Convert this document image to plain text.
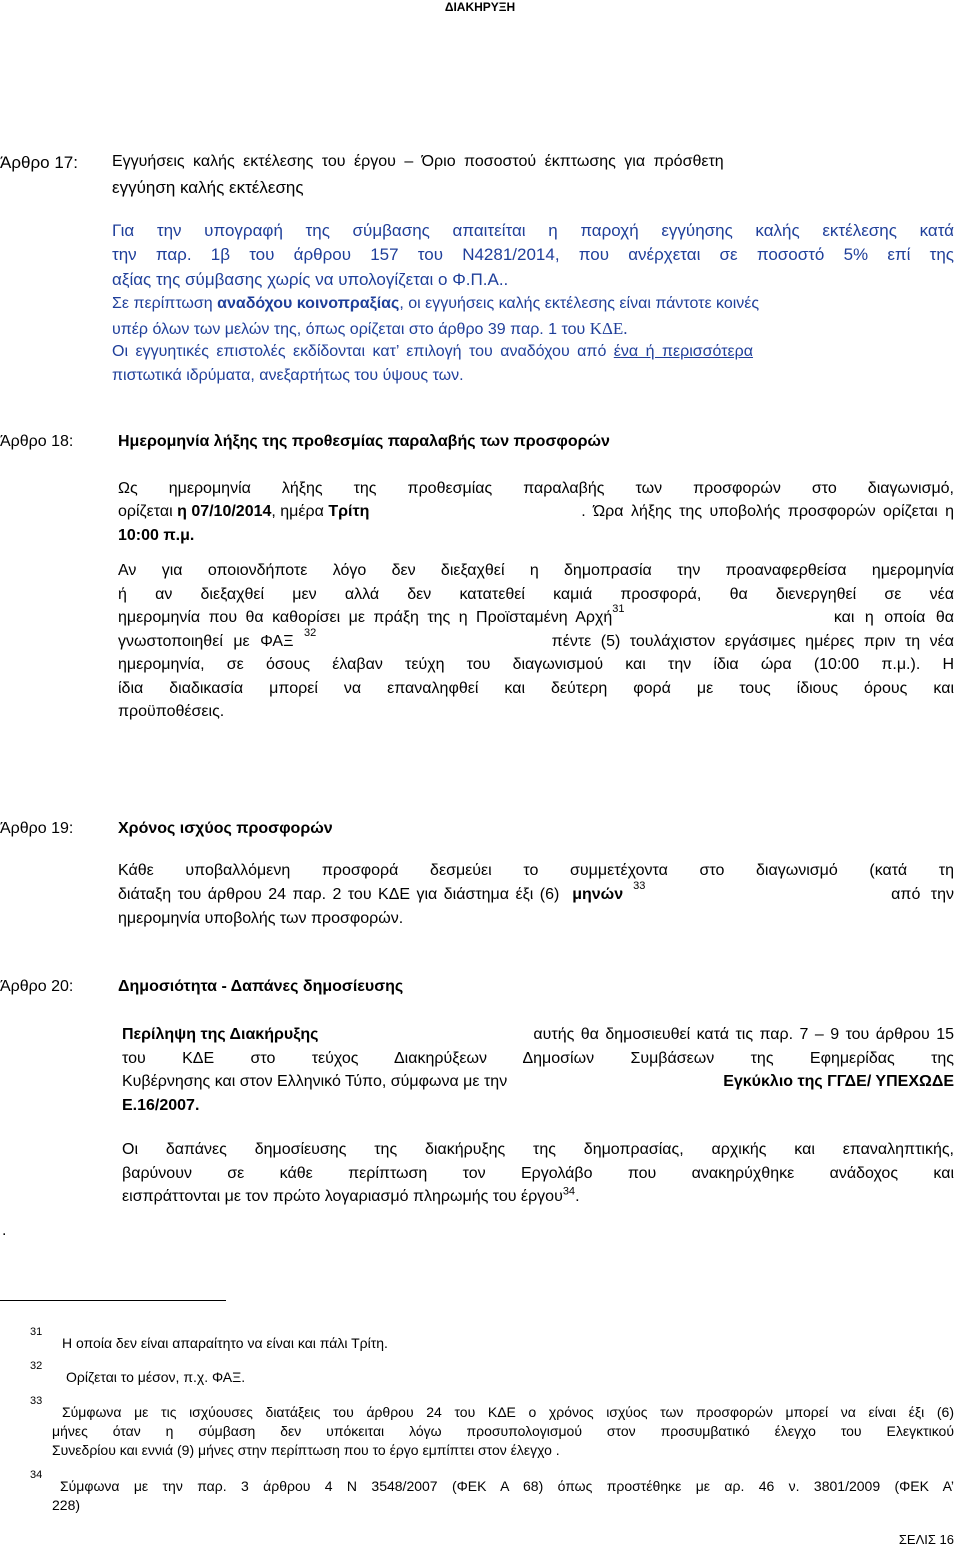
ΔΙΑΚΗΡΥΞΗ
Άρθρο 17: Εγγυήσεις καλής εκτέλεσης του έργου – Όριο ποσοστού έκπτωσης για πρόσθετη
εγγύηση καλής εκτέλεσης
Για την υπογραφή της σύμβασης απαιτείται η παροχή εγγύησης καλής εκτέλεσης κατά
την παρ. 1β του άρθρου 157 του Ν4281/2014, που ανέρχεται σε ποσοστό 5% επί της
αξίας της σύμβασης χωρίς να υπολογίζεται ο Φ.Π.Α..
Σε περίπτωση αναδόχου κοινοπραξίας, οι εγγυήσεις καλής εκτέλεσης είναι πάντοτε κοινές
υπέρ όλων των μελών της, όπως ορίζεται στο άρθρο 39 παρ. 1 του ΚΔΕ.
Οι εγγυητικές επιστολές εκδίδονται κατ’ επιλογή του αναδόχου από ένα ή περισσότερα
πιστωτικά ιδρύματα, ανεξαρτήτως του ύψους των.
Άρθρο 18:	Ημερομηνία λήξης της προθεσμίας παραλαβής των προσφορών
Ως ημερομηνία λήξης της προθεσμίας παραλαβής των προσφορών στο διαγωνισμό,
ορίζεται η 07/10/2014 , ημέρα Τρίτη	. Ώρα λήξης της υποβολής προσφορών ορίζεται η
10:00 π.μ.
Αν για οποιονδήποτε λόγο δεν διεξαχθεί η δημοπρασία την προαναφερθείσα ημερομηνία
ή αν διεξαχθεί μεν αλλά δεν κατατεθεί καμιά προσφορά, θα διενεργηθεί σε νέα
ημερομηνία που θα καθορίσει με πράξη της η Προϊσταμένη Αρχή 31	και η οποία θα
γνωστοποιηθεί με ΦΑΞ 32	πέντε (5) τουλάχιστον εργάσιμες ημέρες πριν τη νέα
ημερομηνία, σε όσους έλαβαν τεύχη του διαγωνισμού και την ίδια ώρα (10:00 π.μ.). Η
ίδια διαδικασία μπορεί να επαναληφθεί και δεύτερη φορά με τους ίδιους όρους και
προϋποθέσεις.
Άρθρο 19:	Χρόνος ισχύος προσφορών
Κάθε υποβαλλόμενη προσφορά δεσμεύει το συμμετέχοντα στο διαγωνισμό (κατά τη
διάταξη του άρθρου 24 παρ. 2 του ΚΔΕ για διάστημα έξι (6) μηνών 33	από την
ημερομηνία υποβολής των προσφορών.
Άρθρο 20:	Δημοσιότητα - Δαπάνες δημοσίευσης
Περίληψη της Διακήρυξης	αυτής θα δημοσιευθεί κατά τις παρ. 7 – 9 του άρθρου 15
του ΚΔΕ στο τεύχος Διακηρύξεων Δημοσίων Συμβάσεων της Εφημερίδας της
Κυβέρνησης και στον Ελληνικό Τύπο, σύμφωνα με την	Εγκύκλιο της ΓΓΔΕ/ ΥΠΕΧΩΔΕ
Ε.16/2007.
Οι δαπάνες δημοσίευσης της διακήρυξης της δημοπρασίας, αρχικής και επαναληπτικής,
βαρύνουν σε κάθε περίπτωση τον Εργολάβο που ανακηρύχθηκε ανάδοχος και
εισπράττονται με τον πρώτο λογαριασμό πληρωμής του έργου$^{34}$.
.
31
Η οποία δεν είναι απαραίτητο να είναι και πάλι Τρίτη.
32
Ορίζεται το μέσον, π.χ. ΦΑΞ.
33
Σύμφωνα με τις ισχύουσες διατάξεις του άρθρου 24 του ΚΔΕ ο χρόνος ισχύος των προσφορών μπορεί να είναι έξι (6)
μήνες όταν η σύμβαση δεν υπόκειται λόγω προσυπολογισμού στον προσυμβατικό έλεγχο του Ελεγκτικού
Συνεδρίου και εννιά (9) μήνες στην περίπτωση που το έργο εμπίπτει στον έλεγχο .
34
Σύμφωνα με την παρ. 3 άρθρου 4 Ν 3548/2007 (ΦΕΚ Α 68) όπως προστέθηκε με αρ. 46 ν. 3801/2009 (ΦΕΚ Α’
228)
ΣΕΛΙΣ 16
